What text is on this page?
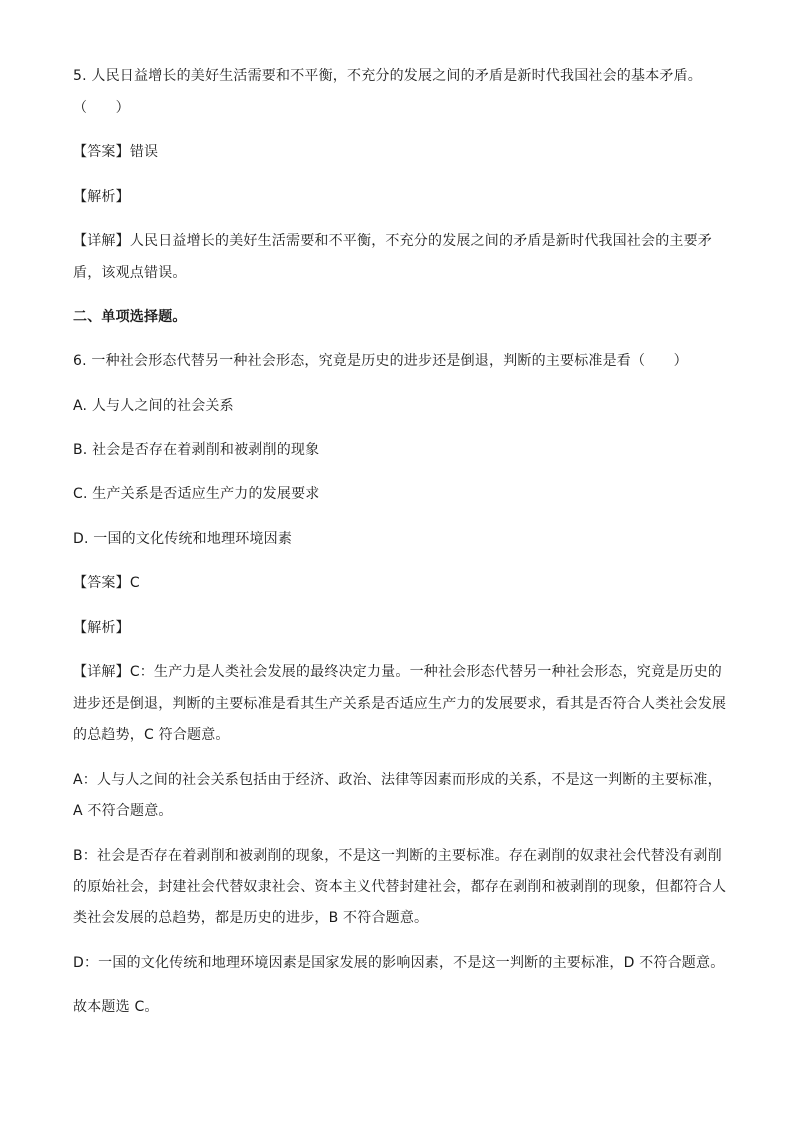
5. 人民日益增长的美好生活需要和不平衡，不充分的发展之间的矛盾是新时代我国社会的基本矛盾。
（　　）
【答案】错误
【解析】
【详解】人民日益增长的美好生活需要和不平衡，不充分的发展之间的矛盾是新时代我国社会的主要矛
盾，该观点错误。
二、单项选择题。
6. 一种社会形态代替另一种社会形态，究竟是历史的进步还是倒退，判断的主要标准是看（　　）
A. 人与人之间的社会关系
B. 社会是否存在着剥削和被剥削的现象
C. 生产关系是否适应生产力的发展要求
D. 一国的文化传统和地理环境因素
【答案】C
【解析】
【详解】C：生产力是人类社会发展的最终决定力量。一种社会形态代替另一种社会形态，究竟是历史的
进步还是倒退，判断的主要标准是看其生产关系是否适应生产力的发展要求，看其是否符合人类社会发展
的总趋势，C 符合题意。
A：人与人之间的社会关系包括由于经济、政治、法律等因素而形成的关系，不是这一判断的主要标准，
A 不符合题意。
B：社会是否存在着剥削和被剥削的现象，不是这一判断的主要标准。存在剥削的奴隶社会代替没有剥削
的原始社会，封建社会代替奴隶社会、资本主义代替封建社会，都存在剥削和被剥削的现象，但都符合人
类社会发展的总趋势，都是历史的进步，B 不符合题意。
D：一国的文化传统和地理环境因素是国家发展的影响因素，不是这一判断的主要标准，D 不符合题意。
故本题选 C。
